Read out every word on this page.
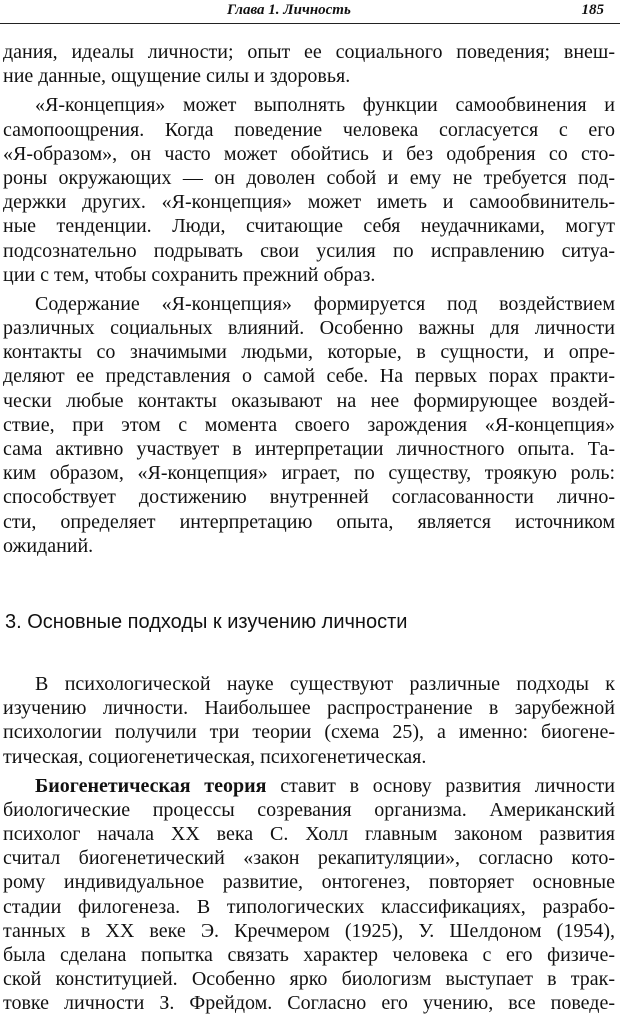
Глава 1. Личность	185
дания, идеалы личности; опыт ее социального поведения; внеш-
ние данные, ощущение силы и здоровья.
«Я-концепция» может выполнять функции самообвинения и
самопоощрения. Когда поведение человека согласуется с его
«Я-образом», он часто может обойтись и без одобрения со сто-
роны окружающих — он доволен собой и ему не требуется под-
держки других. «Я-концепция» может иметь и самообвинитель-
ные тенденции. Люди, считающие себя неудачниками, могут
подсознательно подрывать свои усилия по исправлению ситуа-
ции с тем, чтобы сохранить прежний образ.
Содержание «Я-концепция» формируется под воздействием
различных социальных влияний. Особенно важны для личности
контакты со значимыми людьми, которые, в сущности, и опре-
деляют ее представления о самой себе. На первых порах практи-
чески любые контакты оказывают на нее формирующее воздей-
ствие, при этом с момента своего зарождения «Я-концепция»
сама активно участвует в интерпретации личностного опыта. Та-
ким образом, «Я-концепция» играет, по существу, троякую роль:
способствует достижению внутренней согласованности лично-
сти, определяет интерпретацию опыта, является источником
ожиданий.
3. Основные подходы к изучению личности
В психологической науке существуют различные подходы к
изучению личности. Наибольшее распространение в зарубежной
психологии получили три теории (схема 25), а именно: биогене-
тическая, социогенетическая, психогенетическая.
Биогенетическая теория ставит в основу развития личности
биологические процессы созревания организма. Американский
психолог начала XX века С. Холл главным законом развития
считал биогенетический «закон рекапитуляции», согласно кото-
рому индивидуальное развитие, онтогенез, повторяет основные
стадии филогенеза. В типологических классификациях, разрабо-
танных в XX веке Э. Кречмером (1925), У. Шелдоном (1954),
была сделана попытка связать характер человека с его физиче-
ской конституцией. Особенно ярко биологизм выступает в трак-
товке личности З. Фрейдом. Согласно его учению, все поведе-
